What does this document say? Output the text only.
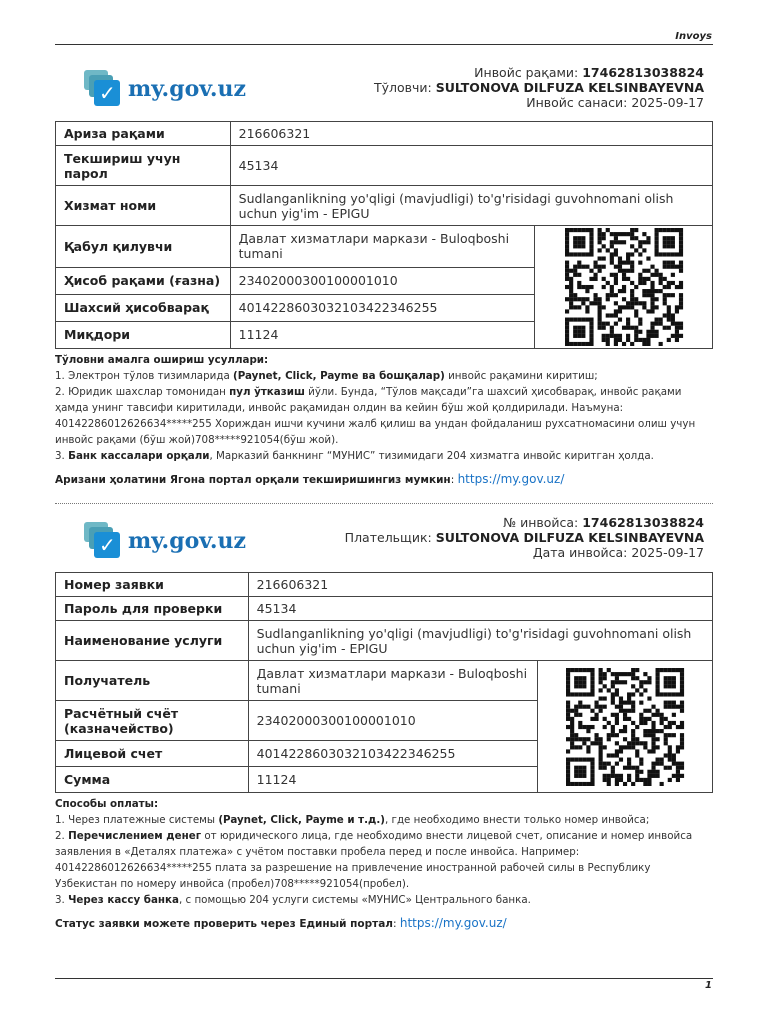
Invoys
✓ my.gov.uz
Инвойс рақами: 17462813038824
Тўловчи: SULTONOVA DILFUZA KELSINBAYEVNA
Инвойс санаси: 2025-09-17
Ариза рақами	216606321	
Текшириш учун парол	45134	
Хизмат номи	Sudlanganlikning yo'qligi (mavjudligi) to'g'risidagi guvohnomani olish uchun yig'im - EPIGU	
Қабул қилувчи	Давлат хизматлари маркази - Buloqboshi tumani	

Ҳисоб рақами (ғазна)	23402000300100001010	
Шахсий ҳисобварақ	401422860303210342234625​5	
Миқдори	11124	
Тўловни амалга ошириш усуллари:
1. Электрон тўлов тизимларида (Paynet, Click, Payme ва бошқалар) инвойс рақамини киритиш;
2. Юридик шахслар томонидан пул ўтказиш йўли. Бунда, “Тўлов мақсади”га шахсий ҳисобварақ, инвойс рақами ҳамда унинг тавсифи киритилади, инвойс рақамидан олдин ва кейин бўш жой қолдирилади. Наъмуна: 40142286012626634*****255 Хориждан ишчи кучини жалб қилиш ва ундан фойдаланиш рухсатномасини олиш учун инвойс рақами (бўш жой)708*****921054(бўш жой).
3. Банк кассалари орқали, Марказий банкнинг “МУНИС” тизимидаги 204 хизматга инвойс киритган ҳолда.
Аризани ҳолатини Ягона портал орқали текширишингиз мумкин: https://my.gov.uz/
✓ my.gov.uz
№ инвойса: 17462813038824
Плательщик: SULTONOVA DILFUZA KELSINBAYEVNA
Дата инвойса: 2025-09-17
Номер заявки	216606321	
Пароль для проверки	45134	
Наименование услуги	Sudlanganlikning yo'qligi (mavjudligi) to'g'risidagi guvohnomani olish uchun yig'im - EPIGU	
Получатель	Давлат хизматлари маркази - Buloqboshi tumani	

Расчётный счёт (казначейство)	23402000300100001010	
Лицевой счет	4014228603032103422346255	
Сумма	11124	
Способы оплаты:
1. Через платежные системы (Paynet, Click, Payme и т.д.), где необходимо внести только номер инвойса;
2. Перечислением денег от юридического лица, где необходимо внести лицевой счет, описание и номер инвойса заявления в «Деталях платежа» с учётом поставки пробела перед и после инвойса. Например: 40142286012626634*****255 плата за разрешение на привлечение иностранной рабочей силы в Республику Узбекистан по номеру инвойса (пробел)708*****921054(пробел).
3. Через кассу банка, с помощью 204 услуги системы «МУНИС» Центрального банка.
Статус заявки можете проверить через Единый портал: https://my.gov.uz/
1
